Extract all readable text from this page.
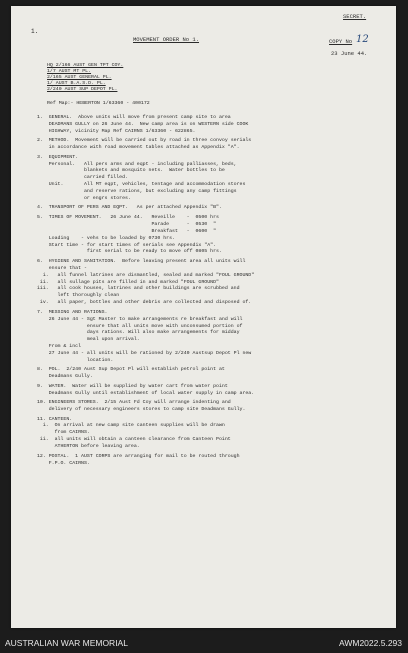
SECRET.
1.
MOVEMENT ORDER No 1.	COPY No 12
23 June 44.
HQ 2/166 AUST GEN TPT COY.
1/7 AUST MT PL.
2/165 AUST GENERAL PL.
1/ AUST B.A.S.D. PL.
2/240 AUST SUP DEPOT PL.
Ref Map:- HEBERTON 1/63360 - 400172
1.  GENERAL.  Above units will move from present camp site to area
DEADMANS GULLY on 26 June 44.  New camp area is on WESTERN side COOK
HIGHWAY, vicinity Map Ref CAIRNS 1/63360 - 622865.
2.  METHOD.  Movement will be carried out by road in three convoy serials
in accordance with road movement tables attached as Appendix "A".
3.  EQUIPMENT.
Personal.   All pers arms and eqpt - including palliasses, beds,
blankets and mosquito nets.  Water bottles to be
carried filled.
Unit.       All MT eqpt, vehicles, tentage and accommodation stores
and reserve rations, but excluding any camp fittings
or engrs stores.
4.  TRANSPORT OF PERS AND EQPT.   As per attached Appendix "B".
5.  TIMES OF MOVEMENT.   26 June 44.   Reveille    -  0500 hrs
Parade      -  0530  "
Breakfast   -  0600  "
Loading    - vehs to be loaded by 0730 hrs.
Start time - for start times of serials see Appendix "A".
first serial to be ready to move off 0805 hrs.
6.  HYGIENE AND SANITATION.  Before leaving present area all units will
ensure that -
i.   all funnel latrines are dismantled, sealed and marked "FOUL GROUND"
ii.   all sullage pits are filled in and marked "FOUL GROUND"
iii.   all cook houses, latrines and other buildings are scrubbed and
left thoroughly clean
iv.   all paper, bottles and other debris are collected and disposed of.
7.  MESSING AND RATIONS.
26 June 44 - Sgt Master to make arrangements re breakfast and will
ensure that all units move with unconsumed portion of
days rations. Will also make arrangements for midday
meal upon arrival.
From & incl
27 June 44 - all units will be rationed by 2/240 Austsup Depot Pl new
location.
8.  POL.  2/240 Aust Sup Depot Pl will establish petrol point at
Deadmans Gully.
9.  WATER.  Water will be supplied by water cart from water point
Deadmans Gully until establishment of local water supply in camp area.
10. ENGINEERS STORES.  2/15 Aust Fd Coy will arrange indenting and
delivery of necessary engineers stores to camp site Deadmans Gully.
11. CANTEEN.
i.  On arrival at new camp site canteen supplies will be drawn
from CAIRNS.
ii.  all units will obtain a canteen clearance from Canteen Point
ATHERTON before leaving area.
12. POSTAL.  1 AUST CORPS are arranging for mail to be routed through
F.P.O. CAIRNS.
AUSTRALIAN WAR MEMORIAL	AWM2022.5.293
